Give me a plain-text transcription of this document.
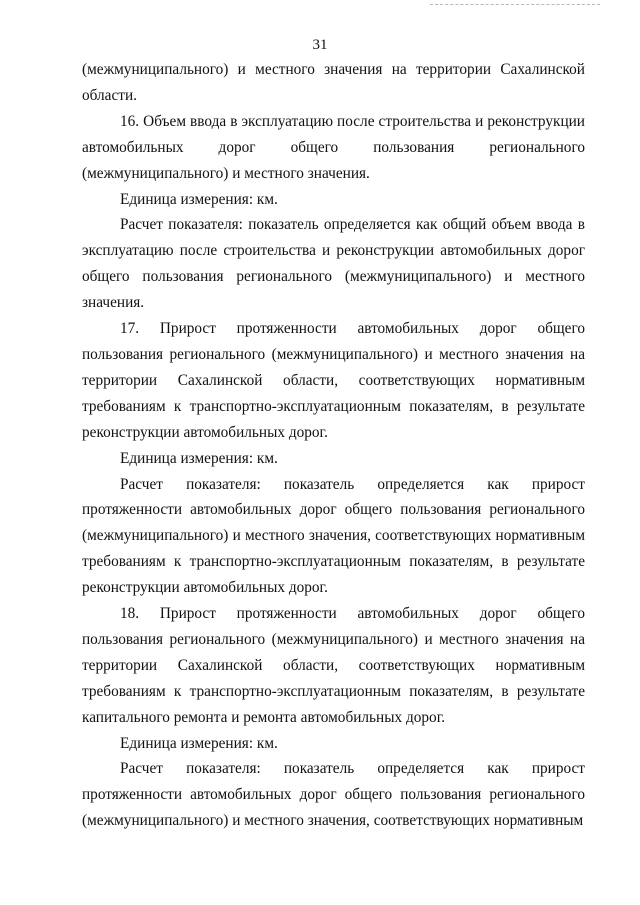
31

(межмуниципального) и местного значения на территории Сахалинской области.

16. Объем ввода в эксплуатацию после строительства и реконструкции автомобильных дорог общего пользования регионального (межмуниципального) и местного значения.

Единица измерения: км.

Расчет показателя: показатель определяется как общий объем ввода в эксплуатацию после строительства и реконструкции автомобильных дорог общего пользования регионального (межмуниципального) и местного значения.

17. Прирост протяженности автомобильных дорог общего пользования регионального (межмуниципального) и местного значения на территории Сахалинской области, соответствующих нормативным требованиям к транспортно-эксплуатационным показателям, в результате реконструкции автомобильных дорог.

Единица измерения: км.

Расчет показателя: показатель определяется как прирост протяженности автомобильных дорог общего пользования регионального (межмуниципального) и местного значения, соответствующих нормативным требованиям к транспортно-эксплуатационным показателям, в результате реконструкции автомобильных дорог.

18. Прирост протяженности автомобильных дорог общего пользования регионального (межмуниципального) и местного значения на территории Сахалинской области, соответствующих нормативным требованиям к транспортно-эксплуатационным показателям, в результате капитального ремонта и ремонта автомобильных дорог.

Единица измерения: км.

Расчет показателя: показатель определяется как прирост протяженности автомобильных дорог общего пользования регионального (межмуниципального) и местного значения, соответствующих нормативным
